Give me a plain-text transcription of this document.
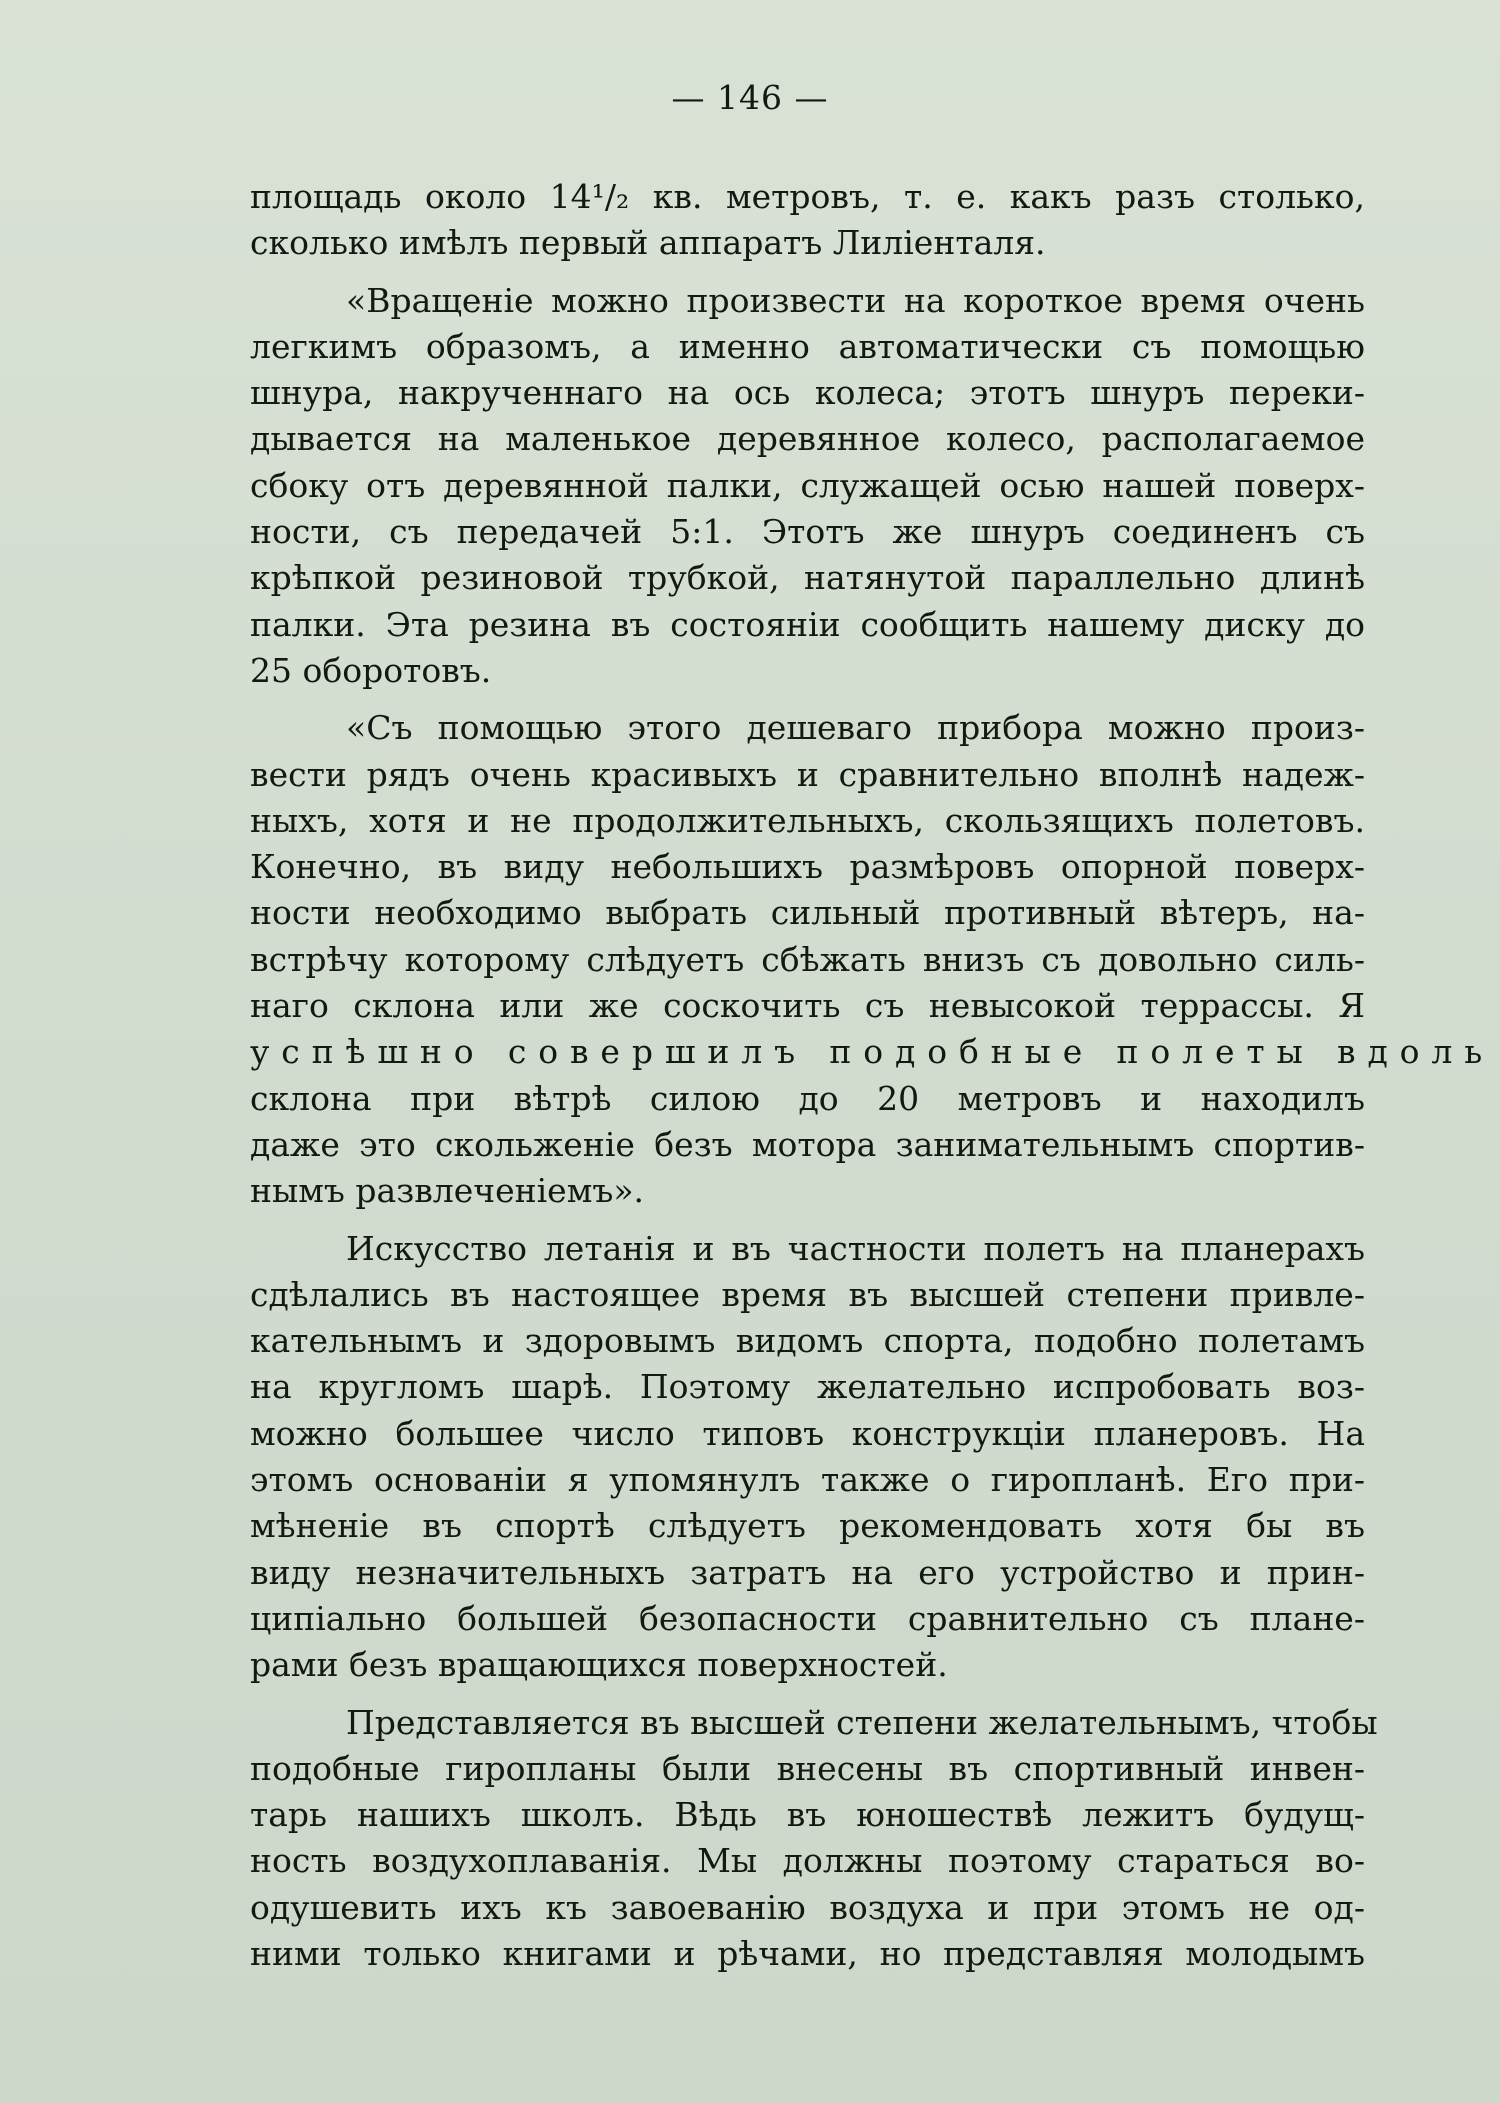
— 146 —
площадь около 14¹/₂ кв. метровъ, т. е. какъ разъ столько,
сколько имѣлъ первый аппаратъ Лиліенталя.
«Вращеніе можно произвести на короткое время очень
легкимъ образомъ, а именно автоматически съ помощью
шнура, накрученнаго на ось колеса; этотъ шнуръ переки-
дывается на маленькое деревянное колесо, располагаемое
сбоку отъ деревянной палки, служащей осью нашей поверх-
ности, съ передачей 5:1. Этотъ же шнуръ соединенъ съ
крѣпкой резиновой трубкой, натянутой параллельно длинѣ
палки. Эта резина въ состояніи сообщить нашему диску до
25 оборотовъ.
«Съ помощью этого дешеваго прибора можно произ-
вести рядъ очень красивыхъ и сравнительно вполнѣ надеж-
ныхъ, хотя и не продолжительныхъ, скользящихъ полетовъ.
Конечно, въ виду небольшихъ размѣровъ опорной поверх-
ности необходимо выбрать сильный противный вѣтеръ, на-
встрѣчу которому слѣдуетъ сбѣжать внизъ съ довольно силь-
наго склона или же соскочить съ невысокой террассы. Я
успѣшно совершилъ подобные полеты вдоль
склона при вѣтрѣ силою до 20 метровъ и находилъ
даже это скольженіе безъ мотора занимательнымъ спортив-
нымъ развлеченіемъ».
Искусство летанія и въ частности полетъ на планерахъ
сдѣлались въ настоящее время въ высшей степени привле-
кательнымъ и здоровымъ видомъ спорта, подобно полетамъ
на кругломъ шарѣ. Поэтому желательно испробовать воз-
можно большее число типовъ конструкціи планеровъ. На
этомъ основаніи я упомянулъ также о гиропланѣ. Его при-
мѣненіе въ спортѣ слѣдуетъ рекомендовать хотя бы въ
виду незначительныхъ затратъ на его устройство и прин-
ципіально большей безопасности сравнительно съ плане-
рами безъ вращающихся поверхностей.
Представляется въ высшей степени желательнымъ, чтобы
подобные гиропланы были внесены въ спортивный инвен-
тарь нашихъ школъ. Вѣдь въ юношествѣ лежитъ будущ-
ность воздухоплаванія. Мы должны поэтому стараться во-
одушевить ихъ къ завоеванію воздуха и при этомъ не од-
ними только книгами и рѣчами, но представляя молодымъ
